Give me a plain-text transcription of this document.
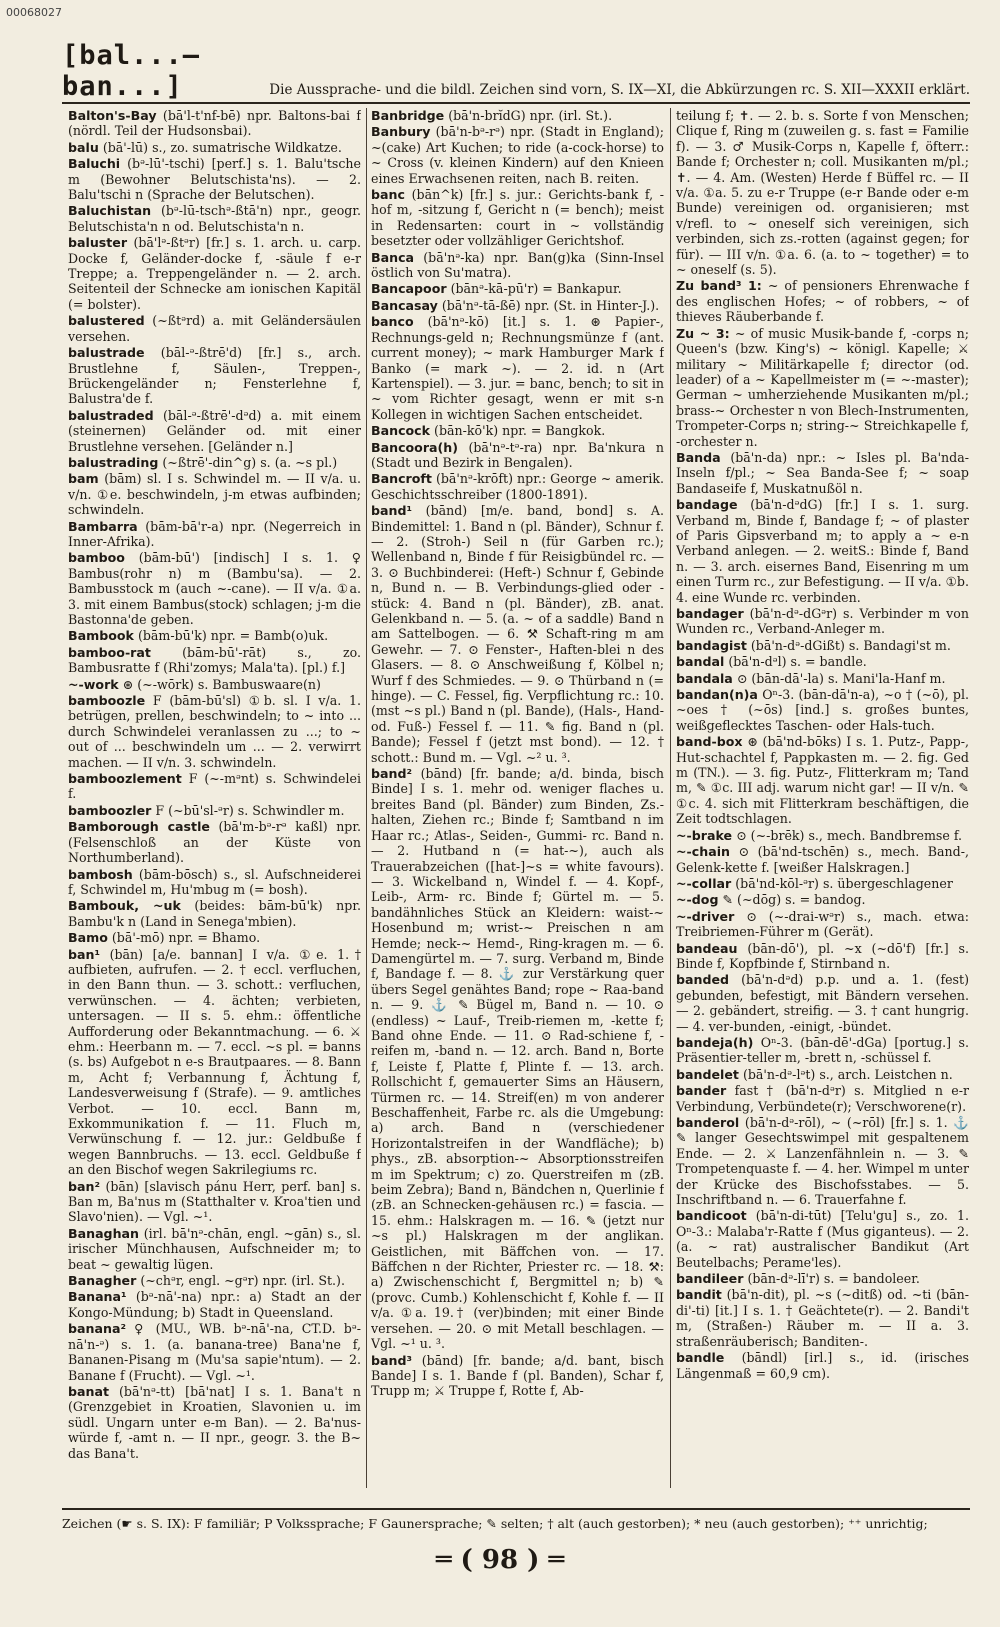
00068027
[bal...—ban...]	Die Aussprache- und die bildl. Zeichen sind vorn, S. IX—XI, die Abkürzungen rc. S. XII—XXXII erklärt.

Balton's-Bay (bā'l-t'nf-bē) npr. Baltons-bai f (nördl. Teil der Hudsonsbai).

balu (bā'-lū) s., zo. sumatrische Wildkatze.

Baluchi (bᵊ-lū'-tschi) [perf.] s. 1. Balu'tsche m (Bewohner Belutschista'ns). — 2. Balu'tschi n (Sprache der Belutschen).

Baluchistan (bᵊ-lū-tschᵊ-ßtā'n) npr., geogr. Belutschista'n n od. Belutschista'n n.

baluster (bā'lᵊ-ßtᵊr) [fr.] s. 1. arch. u. carp. Docke f, Geländer-docke f, -säule f e-r Treppe; a. Treppengeländer n. — 2. arch. Seitenteil der Schnecke am ionischen Kapitäl (= bolster).

balustered (~ßtᵊrd) a. mit Geländersäulen versehen.

balustrade (bāl-ᵊ-ßtrē'd) [fr.] s., arch. Brustlehne f, Säulen-, Treppen-, Brückengeländer n; Fensterlehne f, Balustra'de f.

balustraded (bāl-ᵊ-ßtrē'-dᵊd) a. mit einem (steinernen) Geländer od. mit einer Brustlehne versehen. [Geländer n.]

balustrading (~ßtrē'-din^g) s. (a. ~s pl.)

bam (bām) sl. I s. Schwindel m. — II v/a. u. v/n. ①e. beschwindeln, j-m etwas aufbinden; schwindeln.

Bambarra (bām-bā'r-a) npr. (Negerreich in Inner-Afrika).

bamboo (bām-bū') [indisch] I s. 1. ♀ Bambus(rohr n) m (Bambu'sa). — 2. Bambusstock m (auch ~-cane). — II v/a. ①a. 3. mit einem Bambus(stock) schlagen; j-m die Bastonna'de geben.

Bambook (bām-bū'k) npr. = Bamb(o)uk.

bamboo-rat (bām-bū'-rāt) s., zo. Bambusratte f (Rhi'zomys; Mala'ta). [pl.) f.]

~-work ⊛ (~-wōrk) s. Bambuswaare(n)

bamboozle F (bām-bū'sl) ①b. sl. I v/a. 1. betrügen, prellen, beschwindeln; to ~ into ... durch Schwindelei veranlassen zu ...; to ~ out of ... beschwindeln um ... — 2. verwirrt machen. — II v/n. 3. schwindeln.

bamboozlement F (~-mᵊnt) s. Schwindelei f.

bamboozler F (~bū'sl-ᵊr) s. Schwindler m.

Bamborough castle (bā'm-bᵊ-rᵊ kaßl) npr. (Felsenschloß an der Küste von Northumberland).

bambosh (bām-bōsch) s., sl. Aufschneiderei f, Schwindel m, Hu'mbug m (= bosh).

Bambouk, ~uk (beides: bām-bū'k) npr. Bambu'k n (Land in Senega'mbien).

Bamo (bā'-mō) npr. = Bhamo.

ban¹ (bān) [a/e. bannan] I v/a. ①e. 1.† aufbieten, aufrufen. — 2. † eccl. verfluchen, in den Bann thun. — 3. schott.: verfluchen, verwünschen. — 4. ächten; verbieten, untersagen. — II s. 5. ehm.: öffentliche Aufforderung oder Bekanntmachung. — 6. ⚔ ehm.: Heerbann m. — 7. eccl. ~s pl. = banns (s. bs) Aufgebot n e-s Brautpaares. — 8. Bann m, Acht f; Verbannung f, Ächtung f, Landesverweisung f (Strafe). — 9. amtliches Verbot. — 10. eccl. Bann m, Exkommunikation f. — 11. Fluch m, Verwünschung f. — 12. jur.: Geldbuße f wegen Bannbruchs. — 13. eccl. Geldbuße f an den Bischof wegen Sakrilegiums rc.

ban² (bān) [slavisch pánu Herr, perf. ban] s. Ban m, Ba'nus m (Statthalter v. Kroa'tien und Slavo'nien). — Vgl. ~¹.

Banaghan (irl. bā'nᵊ-chān, engl. ~gān) s., sl. irischer Münchhausen, Aufschneider m; to beat ~ gewaltig lügen.

Banagher (~chᵊr, engl. ~gᵊr) npr. (irl. St.).

Banana¹ (bᵊ-nā'-na) npr.: a) Stadt an der Kongo-Mündung; b) Stadt in Queensland.

banana² ♀ (MU., WB. bᵊ-nā'-na, CT.D. bᵊ-nā'n-ᵊ) s. 1. (a. banana-tree) Bana'ne f, Bananen-Pisang m (Mu'sa sapie'ntum). — 2. Banane f (Frucht). — Vgl. ~¹.

banat (bā'nᵊ-tt) [bā'nat] I s. 1. Bana't n (Grenzgebiet in Kroatien, Slavonien u. im südl. Ungarn unter e-m Ban). — 2. Ba'nus-würde f, -amt n. — II npr., geogr. 3. the B~ das Bana't.

Banbridge (bā'n-brĭdG) npr. (irl. St.).

Banbury (bā'n-bᵊ-rᵊ) npr. (Stadt in England); ~(cake) Art Kuchen; to ride (a-cock-horse) to ~ Cross (v. kleinen Kindern) auf den Knieen eines Erwachsenen reiten, nach B. reiten.

banc (bān^k) [fr.] s. jur.: Gerichts-bank f, -hof m, -sitzung f, Gericht n (= bench); meist in Redensarten: court in ~ vollständig besetzter oder vollzähliger Gerichtshof.

Banca (bā'nᵊ-ka) npr. Ban(g)ka (Sinn-Insel östlich von Su'matra).

Bancapoor (bānᵊ-kā-pū'r) = Bankapur.

Bancasay (bā'nᵊ-tā-ßē) npr. (St. in Hinter-J.).

banco (bā'nᵊ-kō) [it.] s. 1. ⊛ Papier-, Rechnungs-geld n; Rechnungsmünze f (ant. current money); ~ mark Hamburger Mark f Banko (= mark ~). — 2. id. n (Art Kartenspiel). — 3. jur. = banc, bench; to sit in ~ vom Richter gesagt, wenn er mit s-n Kollegen in wichtigen Sachen entscheidet.

Bancock (bān-kō'k) npr. = Bangkok.

Bancoora(h) (bā'nᵊ-tᵊ-ra) npr. Ba'nkura n (Stadt und Bezirk in Bengalen).

Bancroft (bā'nᵊ-krōft) npr.: George ~ amerik. Geschichtsschreiber (1800-1891).

band¹ (bānd) [m/e. band, bond] s. A. Bindemittel: 1. Band n (pl. Bänder), Schnur f. — 2. (Stroh-) Seil n (für Garben rc.); Wellenband n, Binde f für Reisigbündel rc. — 3. ⊙ Buchbinderei: (Heft-) Schnur f, Gebinde n, Bund n. — B. Verbindungs-glied oder -stück: 4. Band n (pl. Bänder), zB. anat. Gelenkband n. — 5. (a. ~ of a saddle) Band n am Sattelbogen. — 6. ⚒ Schaft-ring m am Gewehr. — 7. ⊙ Fenster-, Haften-blei n des Glasers. — 8. ⊙ Anschweißung f, Kölbel n; Wurf f des Schmiedes. — 9. ⊙ Thürband n (= hinge). — C. Fessel, fig. Verpflichtung rc.: 10. (mst ~s pl.) Band n (pl. Bande), (Hals-, Hand- od. Fuß-) Fessel f. — 11. ✎ fig. Band n (pl. Bande); Fessel f (jetzt mst bond). — 12. † schott.: Bund m. — Vgl. ~² u. ³.

band² (bānd) [fr. bande; a/d. binda, bisch Binde] I s. 1. mehr od. weniger flaches u. breites Band (pl. Bänder) zum Binden, Zs.-halten, Ziehen rc.; Binde f; Samtband n im Haar rc.; Atlas-, Seiden-, Gummi- rc. Band n. — 2. Hutband n (= hat-~), auch als Trauerabzeichen ([hat-]~s = white favours). — 3. Wickelband n, Windel f. — 4. Kopf-, Leib-, Arm- rc. Binde f; Gürtel m. — 5. bandähnliches Stück an Kleidern: waist-~ Hosenbund m; wrist-~ Preischen n am Hemde; neck-~ Hemd-, Ring-kragen m. — 6. Damengürtel m. — 7. surg. Verband m, Binde f, Bandage f. — 8. ⚓ zur Verstärkung quer übers Segel genähtes Band; rope ~ Raa-band n. — 9. ⚓ ✎ Bügel m, Band n. — 10. ⊙ (endless) ~ Lauf-, Treib-riemen m, -kette f; Band ohne Ende. — 11. ⊙ Rad-schiene f, -reifen m, -band n. — 12. arch. Band n, Borte f, Leiste f, Platte f, Plinte f. — 13. arch. Rollschicht f, gemauerter Sims an Häusern, Türmen rc. — 14. Streif(en) m von anderer Beschaffenheit, Farbe rc. als die Umgebung: a) arch. Band n (verschiedener Horizontalstreifen in der Wandfläche); b) phys., zB. absorption-~ Absorptionsstreifen m im Spektrum; c) zo. Querstreifen m (zB. beim Zebra); Band n, Bändchen n, Querlinie f (zB. an Schnecken-gehäusen rc.) = fascia. — 15. ehm.: Halskragen m. — 16. ✎ (jetzt nur ~s pl.) Halskragen m der anglikan. Geistlichen, mit Bäffchen von. — 17. Bäffchen n der Richter, Priester rc. — 18. ⚒: a) Zwischenschicht f, Bergmittel n; b) ✎ (provc. Cumb.) Kohlenschicht f, Kohle f. — II v/a. ①a. 19.† (ver)binden; mit einer Binde versehen. — 20. ⊙ mit Metall beschlagen. — Vgl. ~¹ u. ³.

band³ (bānd) [fr. bande; a/d. bant, bisch Bande] I s. 1. Bande f (pl. Banden), Schar f, Trupp m; ⚔ Truppe f, Rotte f, Ab-

teilung f; ✝. — 2. b. s. Sorte f von Menschen; Clique f, Ring m (zuweilen g. s. fast = Familie f). — 3. ♂ Musik-Corps n, Kapelle f, öfterr.: Bande f; Orchester n; coll. Musikanten m/pl.; ✝. — 4. Am. (Westen) Herde f Büffel rc. — II v/a. ①a. 5. zu e-r Truppe (e-r Bande oder e-m Bunde) vereinigen od. organisieren; mst v/refl. to ~ oneself sich vereinigen, sich verbinden, sich zs.-rotten (against gegen; for für). — III v/n. ①a. 6. (a. to ~ together) = to ~ oneself (s. 5).

Zu band³ 1: ~ of pensioners Ehrenwache f des englischen Hofes; ~ of robbers, ~ of thieves Räuberbande f.

Zu ~ 3: ~ of music Musik-bande f, -corps n; Queen's (bzw. King's) ~ königl. Kapelle; ⚔ military ~ Militärkapelle f; director (od. leader) of a ~ Kapellmeister m (= ~-master); German ~ umherziehende Musikanten m/pl.; brass-~ Orchester n von Blech-Instrumenten, Trompeter-Corps n; string-~ Streichkapelle f, -orchester n.

Banda (bā'n-da) npr.: ~ Isles pl. Ba'nda-Inseln f/pl.; ~ Sea Banda-See f; ~ soap Bandaseife f, Muskatnußöl n.

bandage (bā'n-dᵊdG) [fr.] I s. 1. surg. Verband m, Binde f, Bandage f; ~ of plaster of Paris Gipsverband m; to apply a ~ e-n Verband anlegen. — 2. weitS.: Binde f, Band n. — 3. arch. eisernes Band, Eisenring m um einen Turm rc., zur Befestigung. — II v/a. ①b. 4. eine Wunde rc. verbinden.

bandager (bā'n-dᵊ-dGᵊr) s. Verbinder m von Wunden rc., Verband-Anleger m.

bandagist (bā'n-dᵊ-dGißt) s. Bandagi'st m.

bandal (bā'n-dᵊl) s. = bandle.

bandala ⊙ (bān-dā'-la) s. Mani'la-Hanf m.

bandan(n)a Oⁿ-3. (bān-dā'n-a), ~o † (~ō), pl. ~oes † (~ōs) [ind.] s. großes buntes, weißgeflecktes Taschen- oder Hals-tuch.

band-box ⊛ (bā'nd-bōks) I s. 1. Putz-, Papp-, Hut-schachtel f, Pappkasten m. — 2. fig. Ged m (TN.). — 3. fig. Putz-, Flitterkram m; Tand m, ✎ ①c. III adj. warum nicht gar! — II v/n. ✎ ①c. 4. sich mit Flitterkram beschäftigen, die Zeit todtschlagen.

~-brake ⊙ (~-brēk) s., mech. Bandbremse f.

~-chain ⊙ (bā'nd-tschēn) s., mech. Band-, Gelenk-kette f. [weißer Halskragen.]

~-collar (bā'nd-kōl-ᵊr) s. übergeschlagener

~-dog ✎ (~dōg) s. = bandog.

~-driver ⊙ (~-drai-wᵊr) s., mach. etwa: Treibriemen-Führer m (Gerät).

bandeau (bān-dō'), pl. ~x (~dō'f) [fr.] s. Binde f, Kopfbinde f, Stirnband n.

banded (bā'n-dᵊd) p.p. und a. 1. (fest) gebunden, befestigt, mit Bändern versehen. — 2. gebändert, streifig. — 3. † cant hungrig. — 4. ver-bunden, -einigt, -bündet.

bandeja(h) Oⁿ-3. (bān-dē'-dGa) [portug.] s. Präsentier-teller m, -brett n, -schüssel f.

bandelet (bā'n-dᵊ-lᵊt) s., arch. Leistchen n.

bander fast † (bā'n-dᵊr) s. Mitglied n e-r Verbindung, Verbündete(r); Verschworene(r).

banderol (bā'n-dᵊ-rōl), ~ (~rōl) [fr.] s. 1. ⚓ ✎ langer Gesechtswimpel mit gespaltenem Ende. — 2. ⚔ Lanzenfähnlein n. — 3. ✎ Trompetenquaste f. — 4. her. Wimpel m unter der Krücke des Bischofsstabes. — 5. Inschriftband n. — 6. Trauerfahne f.

bandicoot (bā'n-di-tūt) [Telu'gu] s., zo. 1. Oⁿ-3.: Malaba'r-Ratte f (Mus giganteus). — 2. (a. ~ rat) australischer Bandikut (Art Beutelbachs; Perame'les).

bandileer (bān-dᵊ-lī'r) s. = bandoleer.

bandit (bā'n-dit), pl. ~s (~ditß) od. ~ti (bān-di'-ti) [it.] I s. 1. † Geächtete(r). — 2. Bandi't m, (Straßen-) Räuber m. — II a. 3. straßenräuberisch; Banditen-.

bandle (bāndl) [irl.] s., id. (irisches Längenmaß = 60,9 cm).

Zeichen (☛ s. S. IX): F familiär; P Volkssprache; F Gaunersprache; ✎ selten; † alt (auch gestorben); * neu (auch gestorben); ⁺⁺ unrichtig;
═ ( 98 ) ═
